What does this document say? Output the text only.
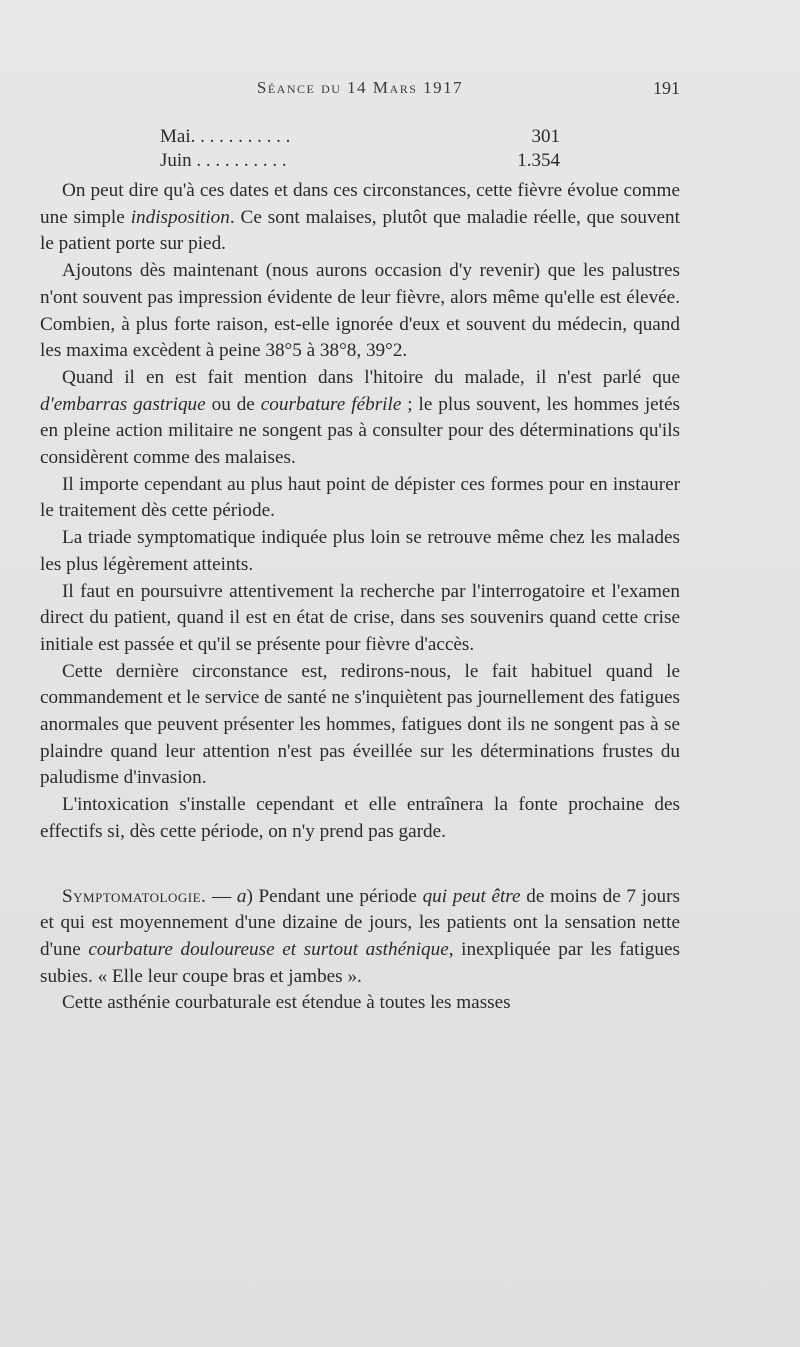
Séance du 14 Mars 1917	191
Mai. . . . . . . . . . .	301
Juin . . . . . . . . . .	1.354

On peut dire qu'à ces dates et dans ces circonstances, cette fièvre évolue comme une simple indisposition. Ce sont malaises, plutôt que maladie réelle, que souvent le patient porte sur pied.

Ajoutons dès maintenant (nous aurons occasion d'y revenir) que les palustres n'ont souvent pas impression évidente de leur fièvre, alors même qu'elle est élevée. Combien, à plus forte raison, est-elle ignorée d'eux et souvent du médecin, quand les maxima excèdent à peine 38°5 à 38°8, 39°2.

Quand il en est fait mention dans l'hitoire du malade, il n'est parlé que d'embarras gastrique ou de courbature fébrile ; le plus souvent, les hommes jetés en pleine action militaire ne songent pas à consulter pour des déterminations qu'ils considèrent comme des malaises.

Il importe cependant au plus haut point de dépister ces formes pour en instaurer le traitement dès cette période.

La triade symptomatique indiquée plus loin se retrouve même chez les malades les plus légèrement atteints.

Il faut en poursuivre attentivement la recherche par l'interrogatoire et l'examen direct du patient, quand il est en état de crise, dans ses souvenirs quand cette crise initiale est passée et qu'il se présente pour fièvre d'accès.

Cette dernière circonstance est, redirons-nous, le fait habituel quand le commandement et le service de santé ne s'inquiètent pas journellement des fatigues anormales que peuvent présenter les hommes, fatigues dont ils ne songent pas à se plaindre quand leur attention n'est pas éveillée sur les déterminations frustes du paludisme d'invasion.

L'intoxication s'installe cependant et elle entraînera la fonte prochaine des effectifs si, dès cette période, on n'y prend pas garde.

Symptomatologie. — a) Pendant une période qui peut être de moins de 7 jours et qui est moyennement d'une dizaine de jours, les patients ont la sensation nette d'une courbature douloureuse et surtout asthénique, inexpliquée par les fatigues subies. « Elle leur coupe bras et jambes ».

Cette asthénie courbaturale est étendue à toutes les masses
